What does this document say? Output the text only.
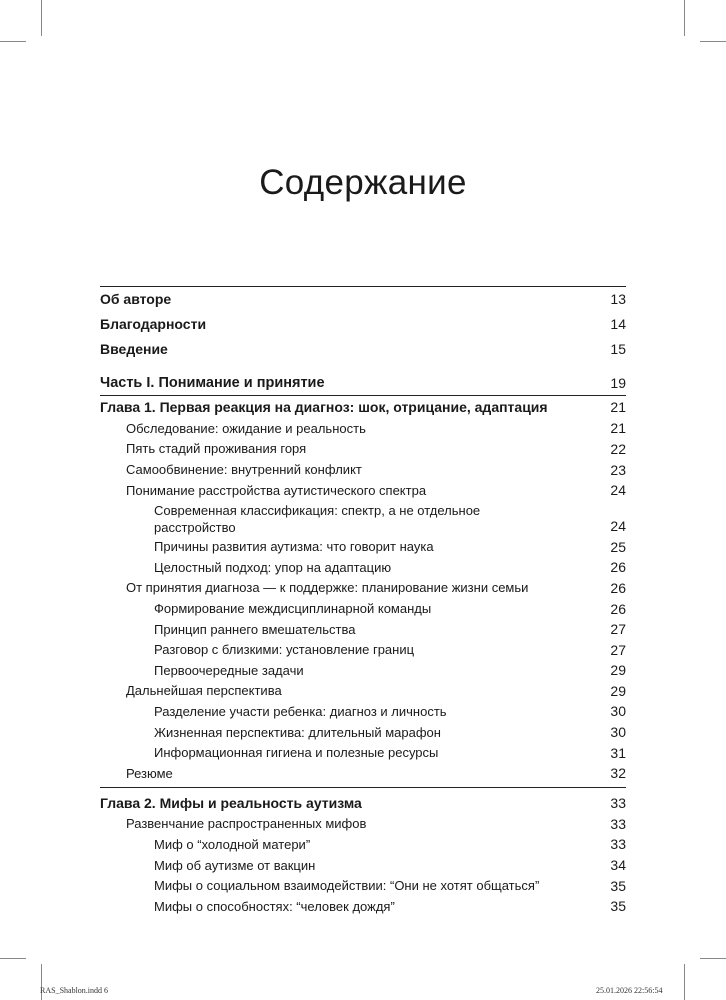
Содержание
Об авторе	13
Благодарности	14
Введение	15
Часть I. Понимание и принятие	19
Глава 1. Первая реакция на диагноз: шок, отрицание, адаптация	21
Обследование: ожидание и реальность	21
Пять стадий проживания горя	22
Самообвинение: внутренний конфликт	23
Понимание расстройства аутистического спектра	24
Современная классификация: спектр, а не отдельное расстройство	24
Причины развития аутизма: что говорит наука	25
Целостный подход: упор на адаптацию	26
От принятия диагноза — к поддержке: планирование жизни семьи	26
Формирование междисциплинарной команды	26
Принцип раннего вмешательства	27
Разговор с близкими: установление границ	27
Первоочередные задачи	29
Дальнейшая перспектива	29
Разделение участи ребенка: диагноз и личность	30
Жизненная перспектива: длительный марафон	30
Информационная гигиена и полезные ресурсы	31
Резюме	32
Глава 2. Мифы и реальность аутизма	33
Развенчание распространенных мифов	33
Миф о “холодной матери”	33
Миф об аутизме от вакцин	34
Мифы о социальном взаимодействии: “Они не хотят общаться”	35
Мифы о способностях: “человек дождя”	35
RAS_Shablon.indd 6	25.01.2026 22:56:54
